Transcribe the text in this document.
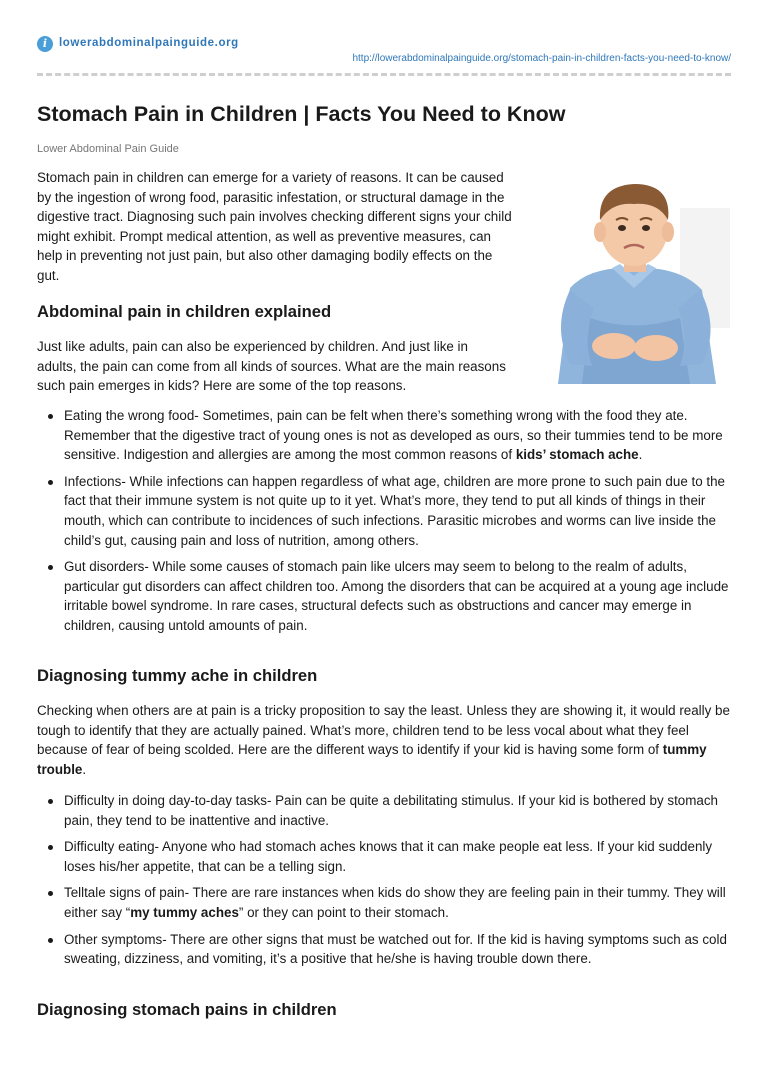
i	lowerabdominalpainguide.org
http://lowerabdominalpainguide.org/stomach-pain-in-children-facts-you-need-to-know/
Stomach Pain in Children | Facts You Need to Know
Lower Abdominal Pain Guide

Stomach pain in children can emerge for a variety of reasons. It can be caused by the ingestion of wrong food, parasitic infestation, or structural damage in the digestive tract. Diagnosing such pain involves checking different signs your child might exhibit. Prompt medical attention, as well as preventive measures, can help in preventing not just pain, but also other damaging bodily effects on the gut.

Abdominal pain in children explained

Just like adults, pain can also be experienced by children. And just like in adults, the pain can come from all kinds of sources. What are the main reasons such pain emerges in kids? Here are some of the top reasons.

Eating the wrong food- Sometimes, pain can be felt when there’s something wrong with the food they ate. Remember that the digestive tract of young ones is not as developed as ours, so their tummies tend to be more sensitive. Indigestion and allergies are among the most common reasons of kids’ stomach ache.
Infections- While infections can happen regardless of what age, children are more prone to such pain due to the fact that their immune system is not quite up to it yet. What’s more, they tend to put all kinds of things in their mouth, which can contribute to incidences of such infections. Parasitic microbes and worms can live inside the child’s gut, causing pain and loss of nutrition, among others.
Gut disorders- While some causes of stomach pain like ulcers may seem to belong to the realm of adults, particular gut disorders can affect children too. Among the disorders that can be acquired at a young age include irritable bowel syndrome. In rare cases, structural defects such as obstructions and cancer may emerge in children, causing untold amounts of pain.
Diagnosing tummy ache in children

Checking when others are at pain is a tricky proposition to say the least. Unless they are showing it, it would really be tough to identify that they are actually pained. What’s more, children tend to be less vocal about what they feel because of fear of being scolded. Here are the different ways to identify if your kid is having some form of tummy trouble.

Difficulty in doing day-to-day tasks- Pain can be quite a debilitating stimulus. If your kid is bothered by stomach pain, they tend to be inattentive and inactive.
Difficulty eating- Anyone who had stomach aches knows that it can make people eat less. If your kid suddenly loses his/her appetite, that can be a telling sign.
Telltale signs of pain- There are rare instances when kids do show they are feeling pain in their tummy. They will either say “my tummy aches” or they can point to their stomach.
Other symptoms- There are other signs that must be watched out for. If the kid is having symptoms such as cold sweating, dizziness, and vomiting, it’s a positive that he/she is having trouble down there.
Diagnosing stomach pains in children
